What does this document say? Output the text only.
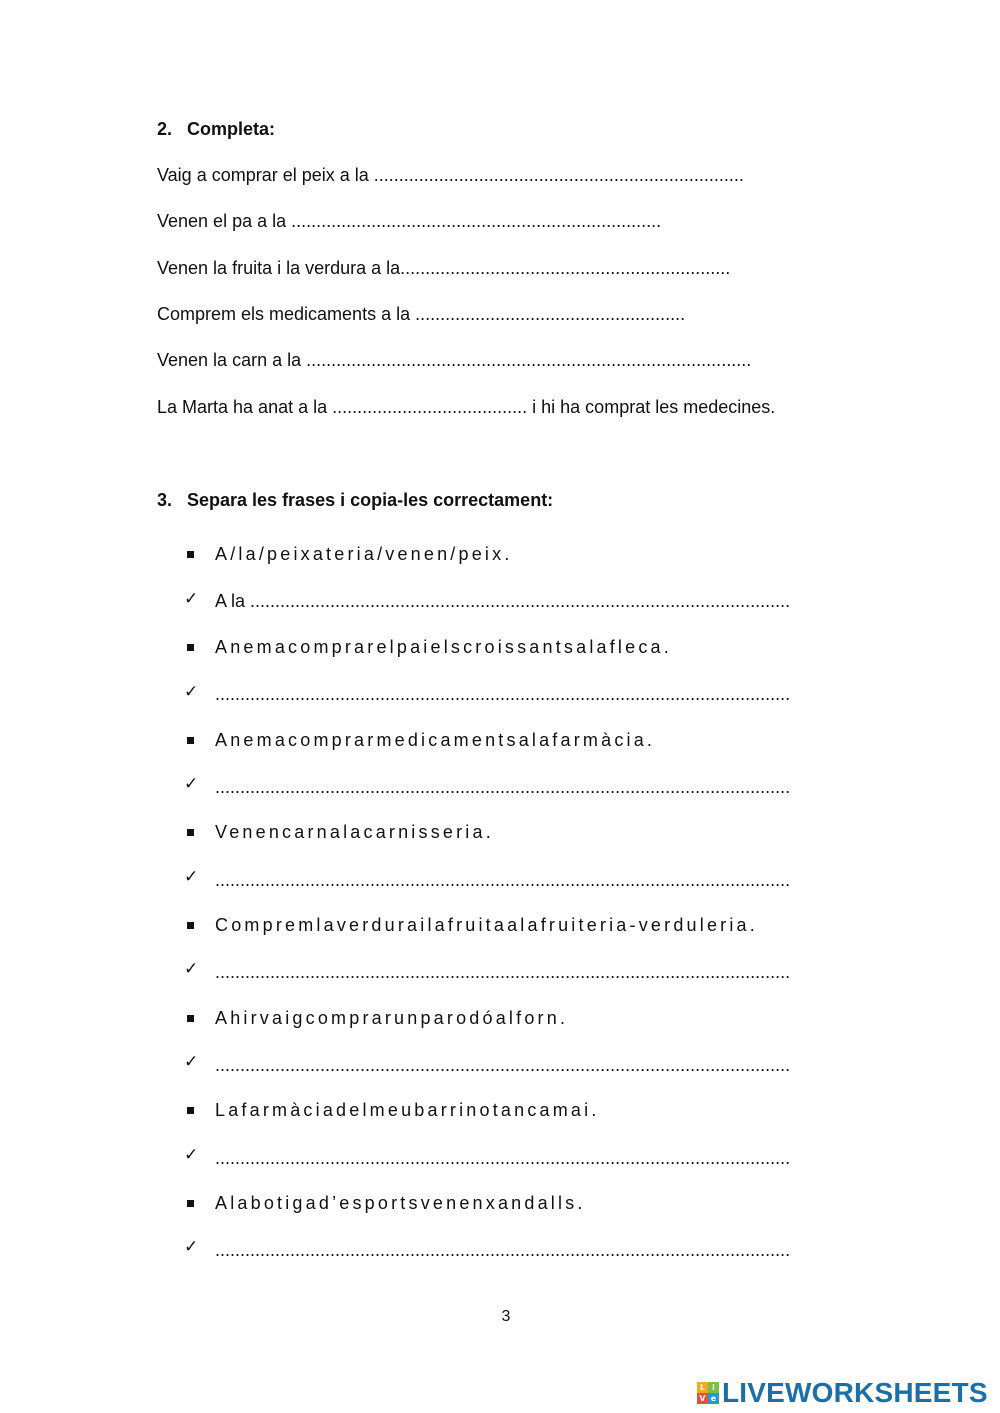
2. Completa:
Vaig a comprar el peix a la ..........................................................................
Venen el pa a la ..........................................................................
Venen la fruita i la verdura a la..................................................................
Comprem els medicaments a la ......................................................
Venen la carn a la .........................................................................................
La Marta ha anat a la ....................................... i hi ha comprat les medecines.
3. Separa les frases i copia-les correctament:
A/la/peixateria/venen/peix.
✓ A la ............................................................................................................
Anemacomprarelpaielscroissantsalafleca.
✓ ...................................................................................................................
Anemacomprarmedicamentsalafarmàcia.
✓ ...................................................................................................................
Venencarnalacarnisseria.
✓ ...................................................................................................................
Compremlaverdurailafruitaalafruiteria-verduleria.
✓ ...................................................................................................................
Ahirvaigcomprarunparodóalforn.
✓ ...................................................................................................................
Lafarmàciadelmeubarrinotancamai.
✓ ...................................................................................................................
Alabotigad’esportsvenenxandalls.
✓ ...................................................................................................................
3
L i
V e LIVEWORKSHEETS
